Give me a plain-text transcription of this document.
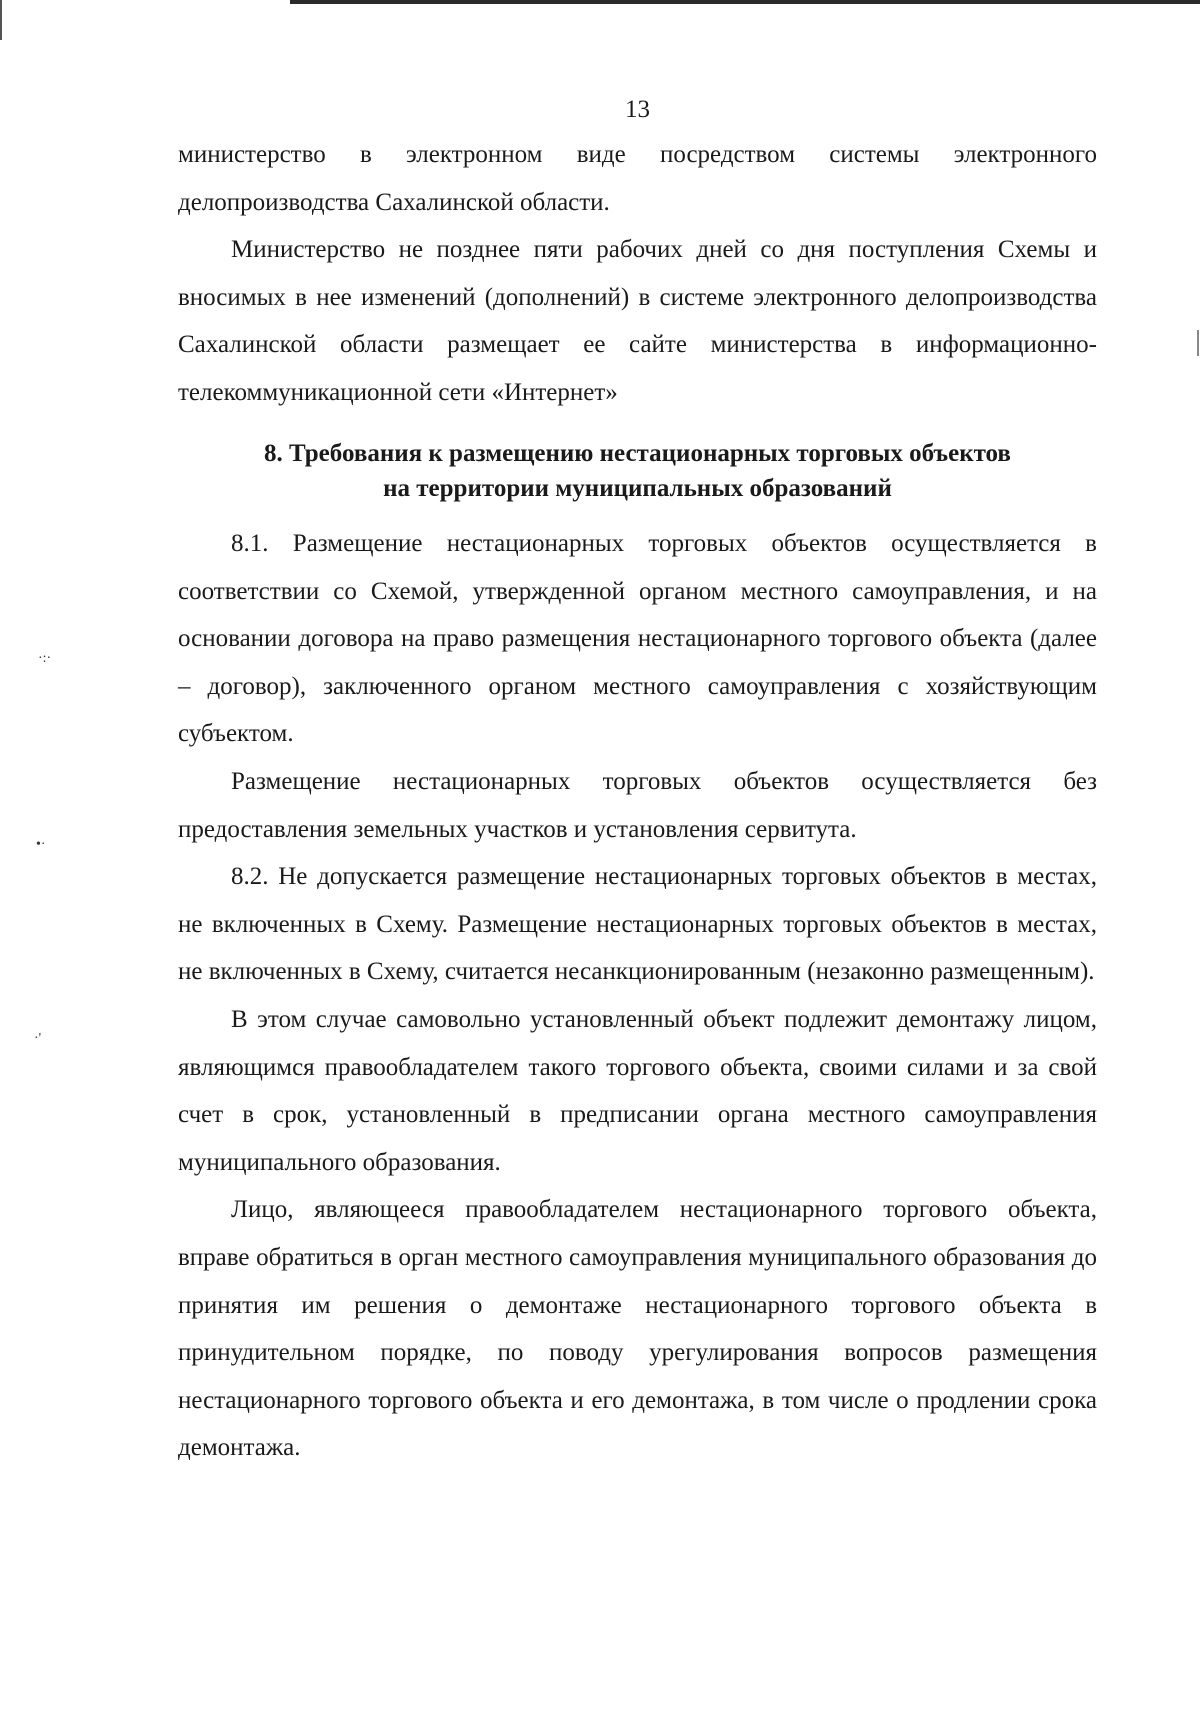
13

министерство в электронном виде посредством системы электронного делопроизводства Сахалинской области.

Министерство не позднее пяти рабочих дней со дня поступления Схемы и вносимых в нее изменений (дополнений) в системе электронного делопроизводства Сахалинской области размещает ее сайте министерства в информационно-телекоммуникационной сети «Интернет»

8. Требования к размещению нестационарных торговых объектов
на территории муниципальных образований

8.1. Размещение нестационарных торговых объектов осуществляется в соответствии со Схемой, утвержденной органом местного самоуправления, и на основании договора на право размещения нестационарного торгового объекта (далее – договор), заключенного органом местного самоуправления с хозяйствующим субъектом.

Размещение нестационарных торговых объектов осуществляется без предоставления земельных участков и установления сервитута.

8.2. Не допускается размещение нестационарных торговых объектов в местах, не включенных в Схему. Размещение нестационарных торговых объектов в местах, не включенных в Схему, считается несанкционированным (незаконно размещенным).

В этом случае самовольно установленный объект подлежит демонтажу лицом, являющимся правообладателем такого торгового объекта, своими силами и за свой счет в срок, установленный в предписании органа местного самоуправления муниципального образования.

Лицо, являющееся правообладателем нестационарного торгового объекта, вправе обратиться в орган местного самоуправления муниципального образования до принятия им решения о демонтаже нестационарного торгового объекта в принудительном порядке, по поводу урегулирования вопросов размещения нестационарного торгового объекта и его демонтажа, в том числе о продлении срока демонтажа.

·:·
•·
·'
